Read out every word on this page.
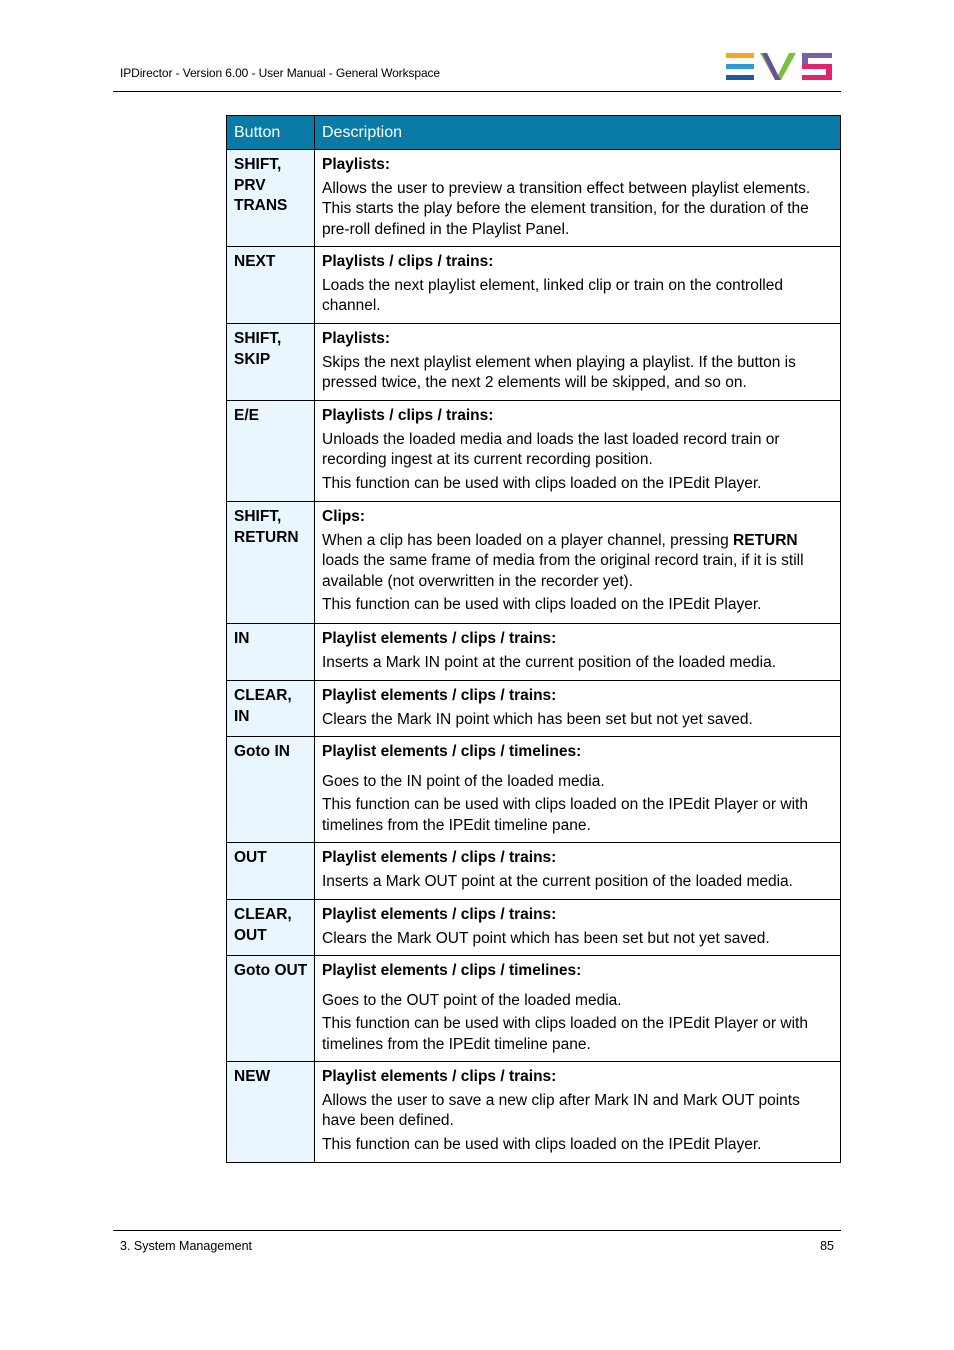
IPDirector - Version 6.00 - User Manual - General Workspace
Button	Description
SHIFT, PRV TRANS	Playlists:

Allows the user to preview a transition effect between playlist elements. This starts the play before the element transition, for the duration of the pre-roll defined in the Playlist Panel.

NEXT	Playlists / clips / trains:

Loads the next playlist element, linked clip or train on the controlled channel.

SHIFT, SKIP	Playlists:

Skips the next playlist element when playing a playlist. If the button is pressed twice, the next 2 elements will be skipped, and so on.

E/E	Playlists / clips / trains:

Unloads the loaded media and loads the last loaded record train or recording ingest at its current recording position.

This function can be used with clips loaded on the IPEdit Player.

SHIFT, RETURN	Clips:

When a clip has been loaded on a player channel, pressing RETURN loads the same frame of media from the original record train, if it is still available (not overwritten in the recorder yet).

This function can be used with clips loaded on the IPEdit Player.

IN	Playlist elements / clips / trains:

Inserts a Mark IN point at the current position of the loaded media.

CLEAR, IN	Playlist elements / clips / trains:

Clears the Mark IN point which has been set but not yet saved.

Goto IN	Playlist elements / clips / timelines:

Goes to the IN point of the loaded media.

This function can be used with clips loaded on the IPEdit Player or with timelines from the IPEdit timeline pane.

OUT	Playlist elements / clips / trains:

Inserts a Mark OUT point at the current position of the loaded media.

CLEAR, OUT	Playlist elements / clips / trains:

Clears the Mark OUT point which has been set but not yet saved.

Goto OUT	Playlist elements / clips / timelines:

Goes to the OUT point of the loaded media.

This function can be used with clips loaded on the IPEdit Player or with timelines from the IPEdit timeline pane.

NEW	Playlist elements / clips / trains:

Allows the user to save a new clip after Mark IN and Mark OUT points have been defined.

This function can be used with clips loaded on the IPEdit Player.

3. System Management	85
